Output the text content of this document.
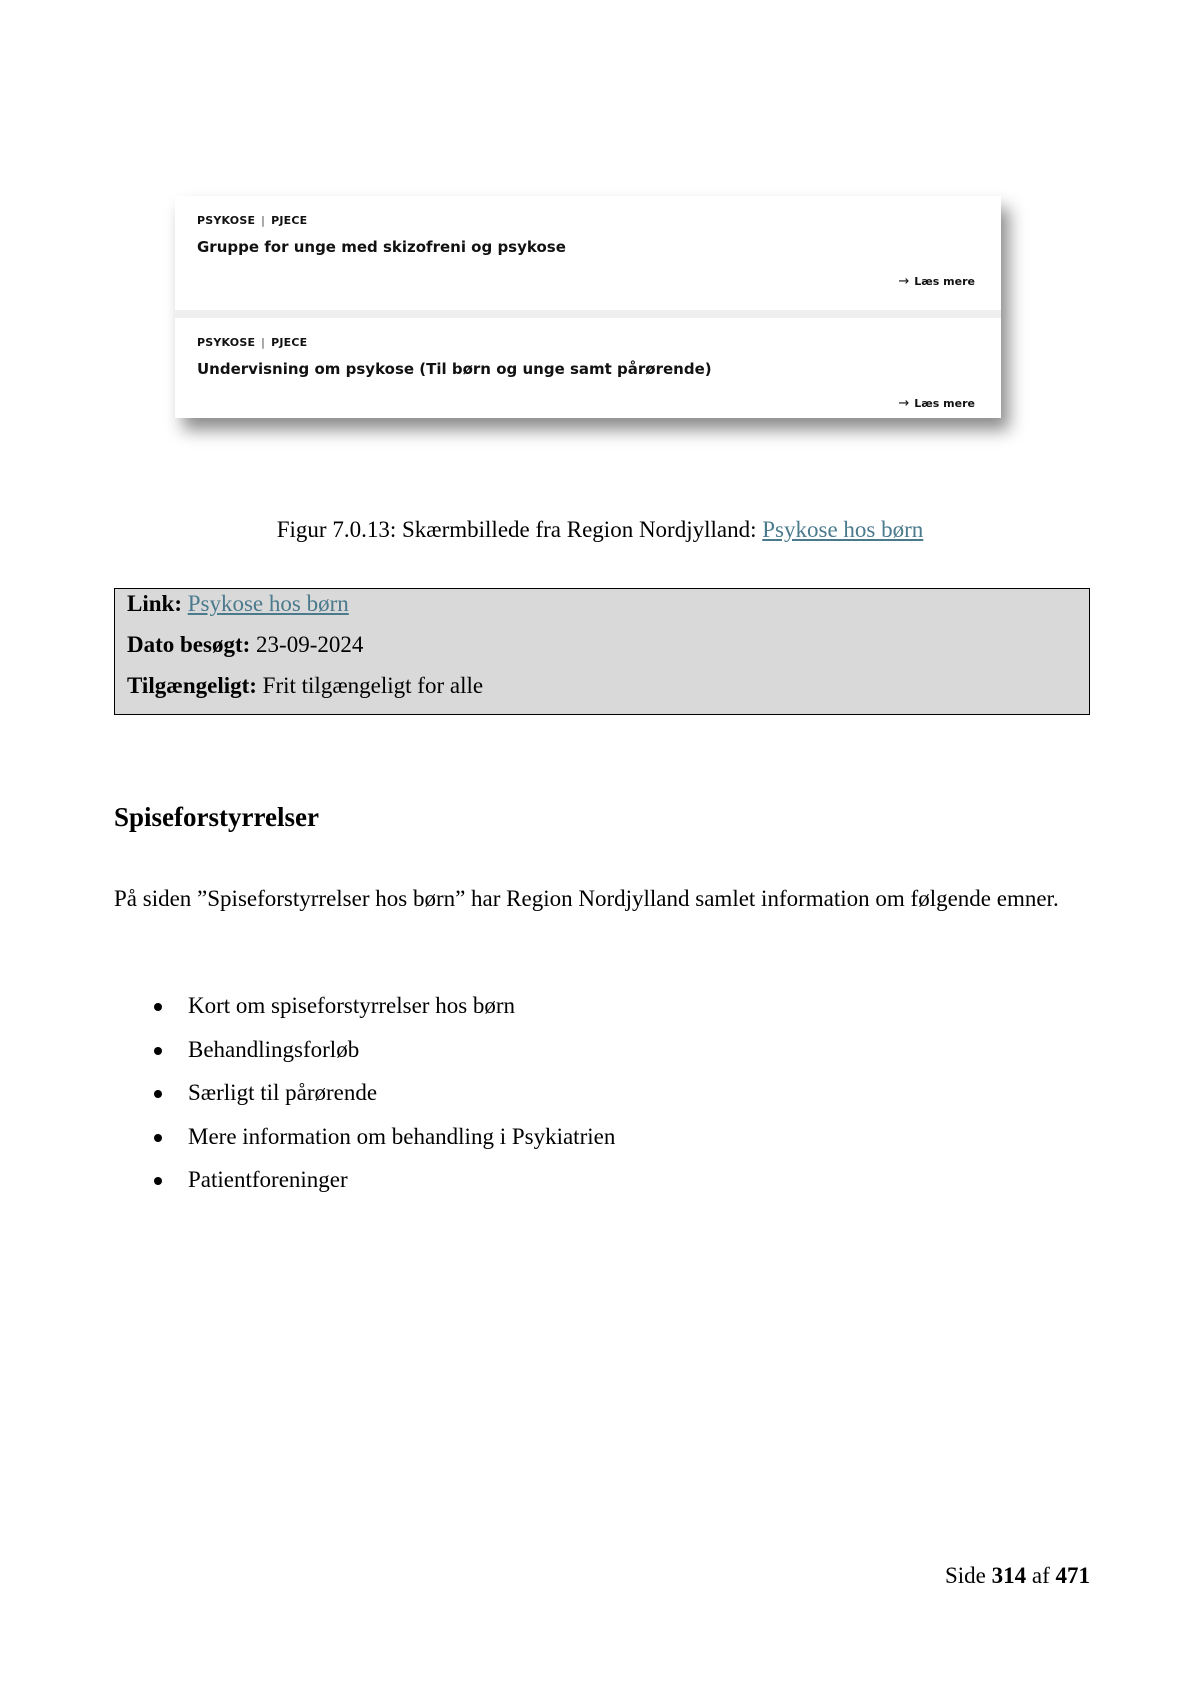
PSYKOSE | PJECE
Gruppe for unge med skizofreni og psykose
→ Læs mere
PSYKOSE | PJECE
Undervisning om psykose (Til børn og unge samt pårørende)
→ Læs mere
Figur 7.0.13: Skærmbillede fra Region Nordjylland: Psykose hos børn
Link: Psykose hos børn
Dato besøgt: 23-09-2024
Tilgængeligt: Frit tilgængeligt for alle
Spiseforstyrrelser

På siden ”Spiseforstyrrelser hos børn” har Region Nordjylland samlet information om følgende emner.

Kort om spiseforstyrrelser hos børn
Behandlingsforløb
Særligt til pårørende
Mere information om behandling i Psykiatrien
Patientforeninger
Side 314 af 471
